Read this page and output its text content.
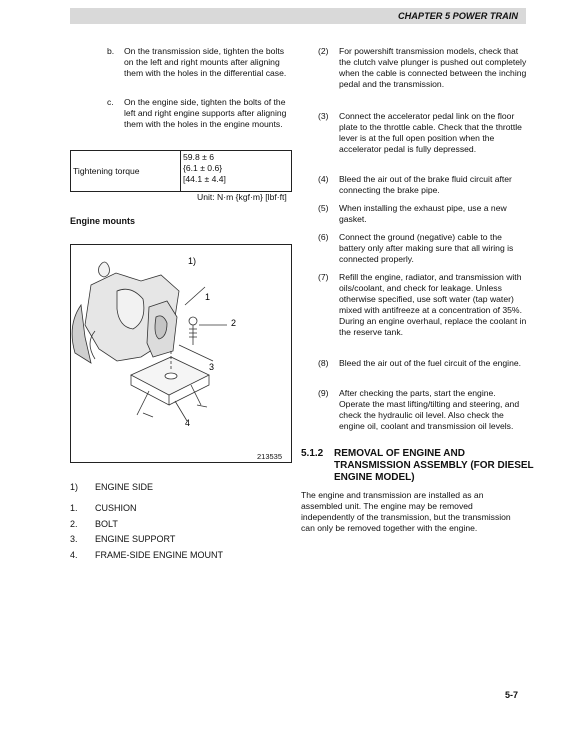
CHAPTER 5 POWER TRAIN
b.	On the transmission side, tighten the bolts on the left and right mounts after aligning them with the holes in the differential case.
c.	On the engine side, tighten the bolts of the left and right engine supports after aligning them with the holes in the engine mounts.
Tightening torque
59.8 ± 6
{6.1 ± 0.6}
[44.1 ± 4.4]
Unit: N·m {kgf·m} [lbf·ft]
Engine mounts
1)
1
2
3
4
213535
1)	ENGINE SIDE
1.	CUSHION
2.	BOLT
3.	ENGINE SUPPORT
4.	FRAME-SIDE ENGINE MOUNT
(2)	For powershift transmission models, check that the clutch valve plunger is pushed out completely when the cable is connected between the inching pedal and the transmission.
(3)	Connect the accelerator pedal link on the floor plate to the throttle cable. Check that the throttle lever is at the full open position when the accelerator pedal is fully depressed.
(4)	Bleed the air out of the brake fluid circuit after connecting the brake pipe.
(5)	When installing the exhaust pipe, use a new gasket.
(6)	Connect the ground (negative) cable to the battery only after making sure that all wiring is connected properly.
(7)	Refill the engine, radiator, and transmission with oils/coolant, and check for leakage. Unless otherwise specified, use soft water (tap water) mixed with antifreeze at a concentration of 35%. During an engine overhaul, replace the coolant in the reserve tank.
(8)	Bleed the air out of the fuel circuit of the engine.
(9)	After checking the parts, start the engine. Operate the mast lifting/tilting and steering, and check the hydraulic oil level. Also check the engine oil, coolant and transmission oil levels.
5.1.2 REMOVAL OF ENGINE AND TRANSMISSION ASSEMBLY (FOR DIESEL ENGINE MODEL)
The engine and transmission are installed as an assembled unit. The engine may be removed independently of the transmission, but the transmission can only be removed together with the engine.
5-7
